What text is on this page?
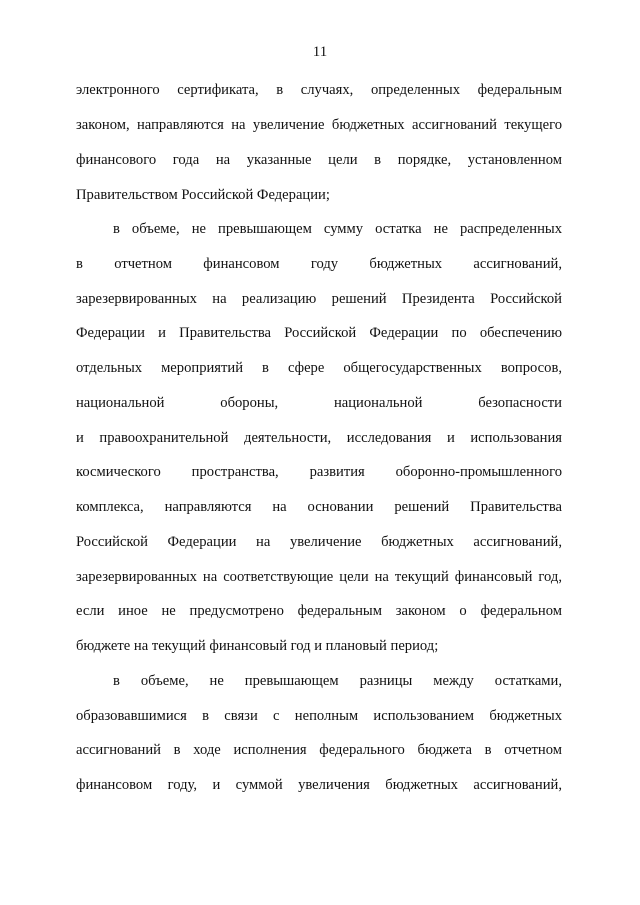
11
электронного сертификата, в случаях, определенных федеральным
законом, направляются на увеличение бюджетных ассигнований текущего
финансового года на указанные цели в порядке, установленном
Правительством Российской Федерации;
в объеме, не превышающем сумму остатка не распределенных
в отчетном финансовом году бюджетных ассигнований,
зарезервированных на реализацию решений Президента Российской
Федерации и Правительства Российской Федерации по обеспечению
отдельных мероприятий в сфере общегосударственных вопросов,
национальной обороны, национальной безопасности
и правоохранительной деятельности, исследования и использования
космического пространства, развития оборонно-промышленного
комплекса, направляются на основании решений Правительства
Российской Федерации на увеличение бюджетных ассигнований,
зарезервированных на соответствующие цели на текущий финансовый год,
если иное не предусмотрено федеральным законом о федеральном
бюджете на текущий финансовый год и плановый период;
в объеме, не превышающем разницы между остатками,
образовавшимися в связи с неполным использованием бюджетных
ассигнований в ходе исполнения федерального бюджета в отчетном
финансовом году, и суммой увеличения бюджетных ассигнований,
